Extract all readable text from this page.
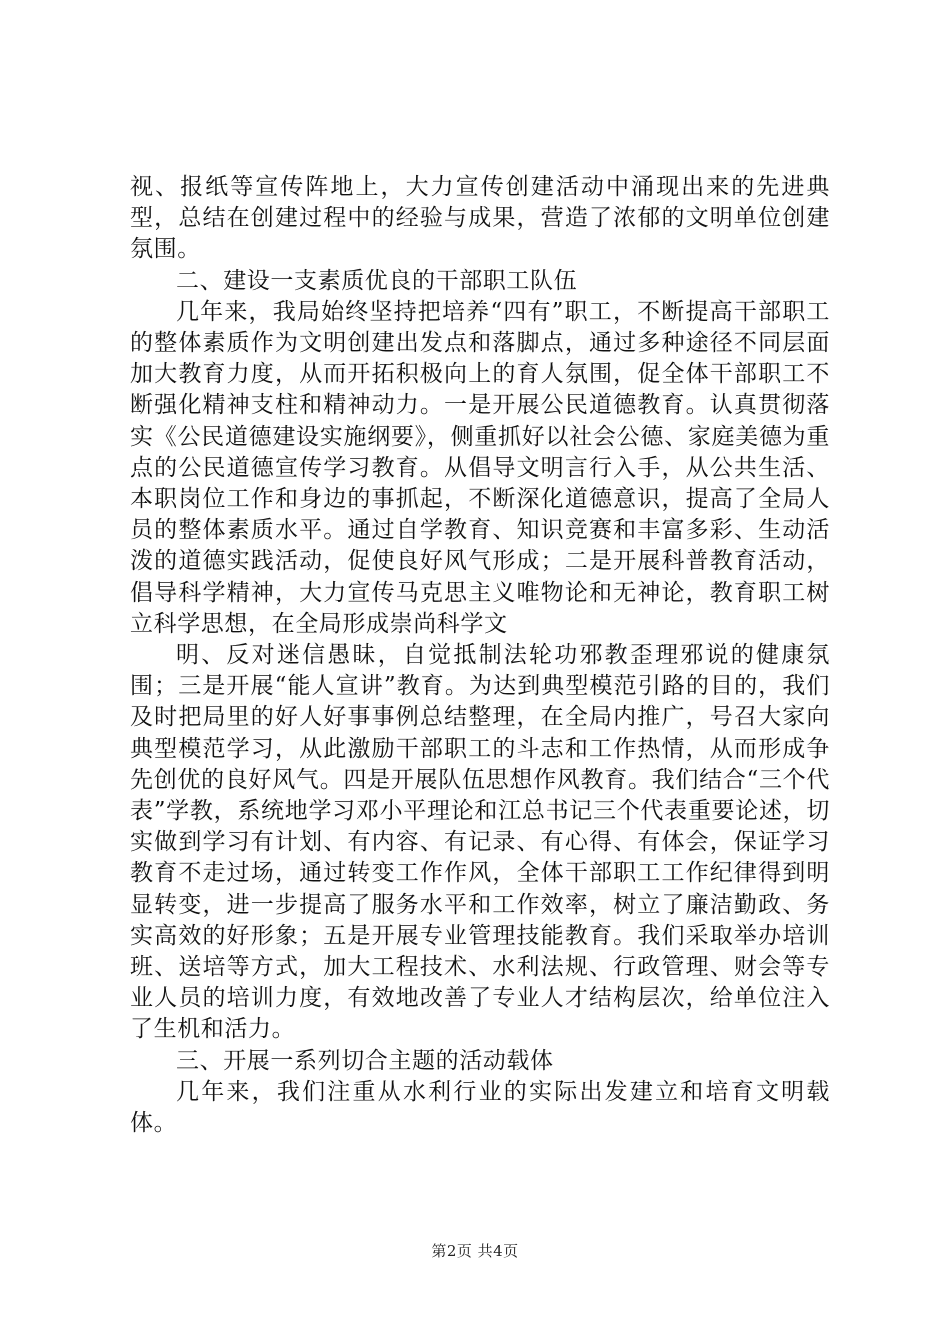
视、报纸等宣传阵地上，大力宣传创建活动中涌现出来的先进典型，总结在创建过程中的经验与成果，营造了浓郁的文明单位创建氛围。

二、建设一支素质优良的干部职工队伍

几年来，我局始终坚持把培养“四有”职工，不断提高干部职工的整体素质作为文明创建出发点和落脚点，通过多种途径不同层面加大教育力度，从而开拓积极向上的育人氛围，促全体干部职工不断强化精神支柱和精神动力。一是开展公民道德教育。认真贯彻落实《公民道德建设实施纲要》，侧重抓好以社会公德、家庭美德为重点的公民道德宣传学习教育。从倡导文明言行入手，从公共生活、本职岗位工作和身边的事抓起，不断深化道德意识，提高了全局人员的整体素质水平。通过自学教育、知识竞赛和丰富多彩、生动活泼的道德实践活动，促使良好风气形成；二是开展科普教育活动，倡导科学精神，大力宣传马克思主义唯物论和无神论，教育职工树立科学思想，在全局形成崇尚科学文

明、反对迷信愚昧，自觉抵制法轮功邪教歪理邪说的健康氛围；三是开展“能人宣讲”教育。为达到典型模范引路的目的，我们及时把局里的好人好事事例总结整理，在全局内推广，号召大家向典型模范学习，从此激励干部职工的斗志和工作热情，从而形成争先创优的良好风气。四是开展队伍思想作风教育。我们结合“三个代表”学教，系统地学习邓小平理论和江总书记三个代表重要论述，切实做到学习有计划、有内容、有记录、有心得、有体会，保证学习教育不走过场，通过转变工作作风，全体干部职工工作纪律得到明显转变，进一步提高了服务水平和工作效率，树立了廉洁勤政、务实高效的好形象；五是开展专业管理技能教育。我们采取举办培训班、送培等方式，加大工程技术、水利法规、行政管理、财会等专业人员的培训力度，有效地改善了专业人才结构层次，给单位注入了生机和活力。

三、开展一系列切合主题的活动载体

几年来，我们注重从水利行业的实际出发建立和培育文明载体。

第2页 共4页
